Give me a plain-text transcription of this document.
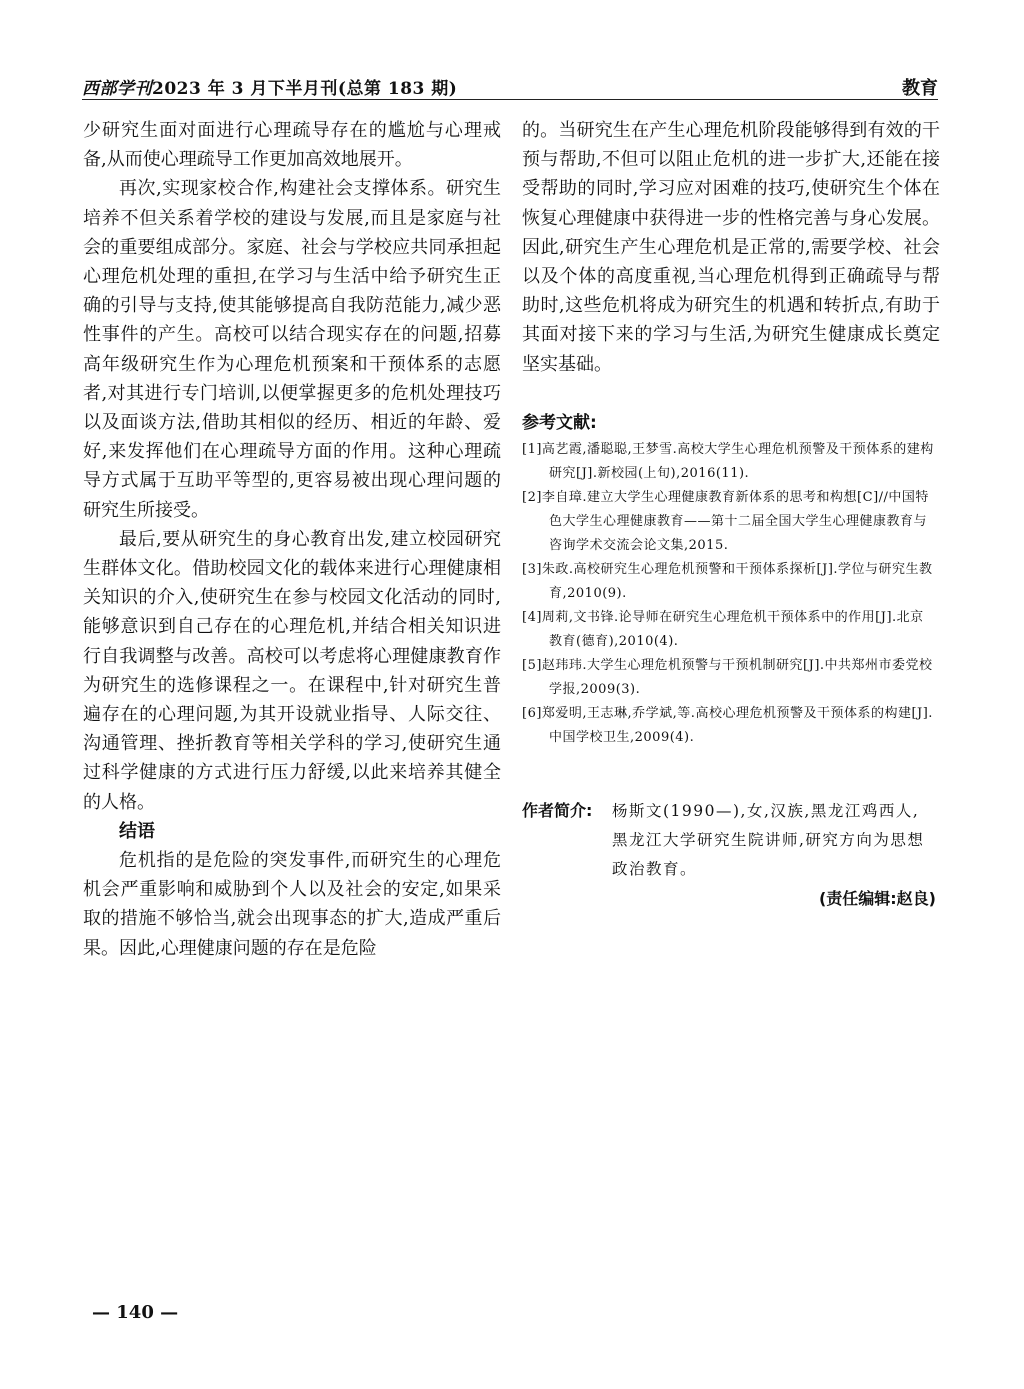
西部学刊2023 年 3 月下半月刊(总第 183 期)	教育

少研究生面对面进行心理疏导存在的尴尬与心理戒备,从而使心理疏导工作更加高效地展开。

再次,实现家校合作,构建社会支撑体系。研究生培养不但关系着学校的建设与发展,而且是家庭与社会的重要组成部分。家庭、社会与学校应共同承担起心理危机处理的重担,在学习与生活中给予研究生正确的引导与支持,使其能够提高自我防范能力,减少恶性事件的产生。高校可以结合现实存在的问题,招募高年级研究生作为心理危机预案和干预体系的志愿者,对其进行专门培训,以便掌握更多的危机处理技巧以及面谈方法,借助其相似的经历、相近的年龄、爱好,来发挥他们在心理疏导方面的作用。这种心理疏导方式属于互助平等型的,更容易被出现心理问题的研究生所接受。

最后,要从研究生的身心教育出发,建立校园研究生群体文化。借助校园文化的载体来进行心理健康相关知识的介入,使研究生在参与校园文化活动的同时,能够意识到自己存在的心理危机,并结合相关知识进行自我调整与改善。高校可以考虑将心理健康教育作为研究生的选修课程之一。在课程中,针对研究生普遍存在的心理问题,为其开设就业指导、人际交往、沟通管理、挫折教育等相关学科的学习,使研究生通过科学健康的方式进行压力舒缓,以此来培养其健全的人格。

结语

危机指的是危险的突发事件,而研究生的心理危机会严重影响和威胁到个人以及社会的安定,如果采取的措施不够恰当,就会出现事态的扩大,造成严重后果。因此,心理健康问题的存在是危险

的。当研究生在产生心理危机阶段能够得到有效的干预与帮助,不但可以阻止危机的进一步扩大,还能在接受帮助的同时,学习应对困难的技巧,使研究生个体在恢复心理健康中获得进一步的性格完善与身心发展。因此,研究生产生心理危机是正常的,需要学校、社会以及个体的高度重视,当心理危机得到正确疏导与帮助时,这些危机将成为研究生的机遇和转折点,有助于其面对接下来的学习与生活,为研究生健康成长奠定坚实基础。

参考文献:

[1]高艺霞,潘聪聪,王梦雪.高校大学生心理危机预警及干预体系的建构研究[J].新校园(上旬),2016(11).

[2]李自璋.建立大学生心理健康教育新体系的思考和构想[C]//中国特色大学生心理健康教育——第十二届全国大学生心理健康教育与咨询学术交流会论文集,2015.

[3]朱政.高校研究生心理危机预警和干预体系探析[J].学位与研究生教育,2010(9).

[4]周莉,文书锋.论导师在研究生心理危机干预体系中的作用[J].北京教育(德育),2010(4).

[5]赵玮玮.大学生心理危机预警与干预机制研究[J].中共郑州市委党校学报,2009(3).

[6]郑爱明,王志琳,乔学斌,等.高校心理危机预警及干预体系的构建[J].中国学校卫生,2009(4).

作者简介:	杨斯文(1990—),女,汉族,黑龙江鸡西人,黑龙江大学研究生院讲师,研究方向为思想政治教育。
(责任编辑:赵良)
— 140 —
